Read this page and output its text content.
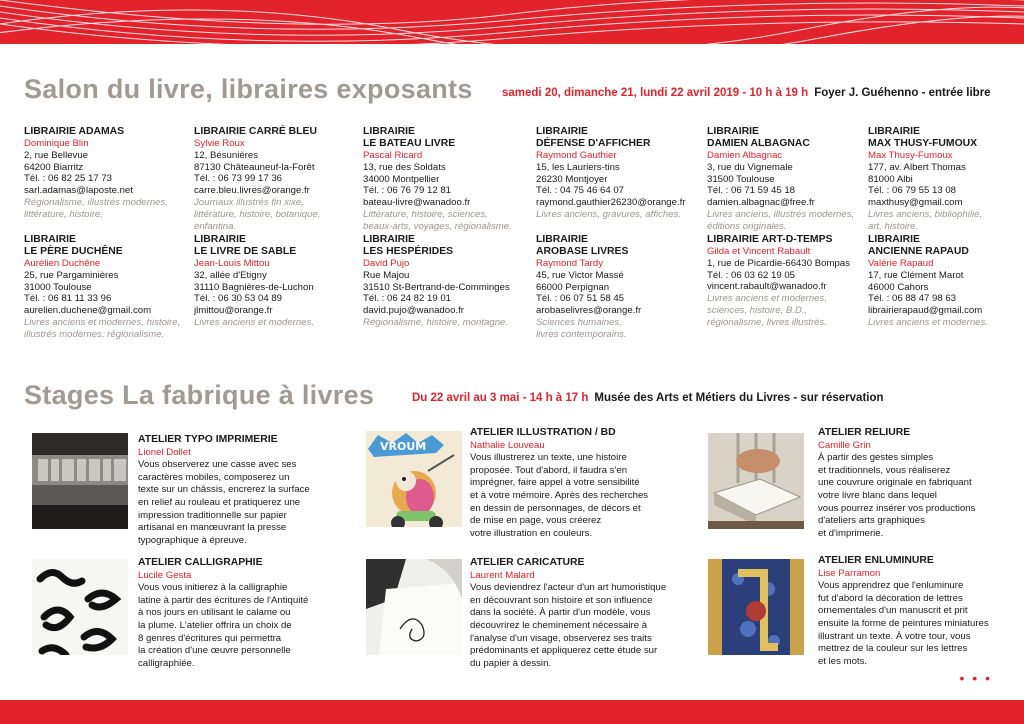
Salon du livre, libraires exposants	samedi 20, dimanche 21, lundi 22 avril 2019 - 10 h à 19 h Foyer J. Guéhenno - entrée libre
LIBRAIRIE ADAMAS
Dominique Blin
2, rue Bellevue
64200 Biarritz
Tél. : 06 82 25 17 73
sarl.adamas@laposte.net
Régionalisme, illustrés modernes,
littérature, histoire.
LIBRAIRIE CARRÉ BLEU
Sylvie Roux
12, Bésunières
87130 Châteauneuf-la-Forêt
Tél. : 06 73 99 17 36
carre.bleu.livres@orange.fr
Journaux illustrés fin xixe,
littérature, histoire, botanique,
enfantina.
LIBRAIRIE
LE BATEAU LIVRE
Pascal Ricard
13, rue des Soldats
34000 Montpellier
Tél. : 06 76 79 12 81
bateau-livre@wanadoo.fr
Littérature, histoire, sciences,
beaux-arts, voyages, régionalisme.
LIBRAIRIE
DÉFENSE D'AFFICHER
Raymond Gauthier
15, les Lauriers-tins
26230 Montjoyer
Tél. : 04 75 46 64 07
raymond.gauthier26230@orange.fr
Livres anciens, gravures, affiches.
LIBRAIRIE
DAMIEN ALBAGNAC
Damien Albagnac
3, rue du Vignemale
31500 Toulouse
Tél. : 06 71 59 45 18
damien.albagnac@free.fr
Livres anciens, illustrés modernes,
éditions originales.
LIBRAIRIE
MAX THUSY-FUMOUX
Max Thusy-Fumoux
177, av. Albert Thomas
81000 Albi
Tél. : 06 79 55 13 08
maxthusy@gmail.com
Livres anciens, bibliophilie,
art, histoire.
LIBRAIRIE
LE PÈRE DUCHÊNE
Aurélien Duchêne
25, rue Pargaminières
31000 Toulouse
Tél. : 06 81 11 33 96
aurelien.duchene@gmail.com
Livres anciens et modernes, histoire,
illustrés modernes, régionalisme.
LIBRAIRIE
LE LIVRE DE SABLE
Jean-Louis Mittou
32, allée d'Etigny
31110 Bagnières-de-Luchon
Tél. : 06 30 53 04 89
jlmittou@orange.fr
Livres anciens et modernes.
LIBRAIRIE
LES HESPÉRIDES
David Pujo
Rue Majou
31510 St-Bertrand-de-Comminges
Tél. : 06 24 82 19 01
david.pujo@wanadoo.fr
Régionalisme, histoire, montagne.
LIBRAIRIE
AROBASE LIVRES
Raymond Tardy
45, rue Victor Massé
66000 Perpignan
Tél. : 06 07 51 58 45
arobaselivres@orange.fr
Sciences humaines,
livres contemporains.
LIBRAIRIE ART-D-TEMPS
Gilda et Vincent Rabault
1, rue de Picardie-66430 Bompas
Tél. : 06 03 62 19 05
vincent.rabault@wanadoo.fr
Livres anciens et modernes,
sciences, histoire, B.D.,
régionalisme, livres illustrés.
LIBRAIRIE
ANCIENNE RAPAUD
Valérie Rapaud
17, rue Clément Marot
46000 Cahors
Tél. : 06 88 47 98 63
librairierapaud@gmail.com
Livres anciens et modernes.
Stages La fabrique à livres	Du 22 avril au 3 mai - 14 h à 17 h Musée des Arts et Métiers du Livres - sur réservation
VROUM
ATELIER TYPO IMPRIMERIE
Lionel Dollet
Vous observerez une casse avec ses
caractères mobiles, composerez un
texte sur un châssis, encrerez la surface
en relief au rouleau et pratiquerez une
impression traditionnelle sur papier
artisanal en manœuvrant la presse
typographique à épreuve.
ATELIER ILLUSTRATION / BD
Nathalie Louveau
Vous illustrerez un texte, une histoire
proposée. Tout d'abord, il faudra s'en
imprégner, faire appel à votre sensibilité
et à votre mémoire. Après des recherches
en dessin de personnages, de décors et
de mise en page, vous créerez
votre illustration en couleurs.
ATELIER RELIURE
Camille Grin
À partir des gestes simples
et traditionnels, vous réaliserez
une couvrure originale en fabriquant
votre livre blanc dans lequel
vous pourrez insérer vos productions
d'ateliers arts graphiques
et d'imprimerie.
ATELIER CALLIGRAPHIE
Lucile Gesta
Vous vous initierez à la calligraphie
latine à partir des écritures de l'Antiquité
à nos jours en utilisant le calame ou
la plume. L'atelier offrira un choix de
8 genres d'écritures qui permettra
la création d'une œuvre personnelle
calligraphiée.
ATELIER CARICATURE
Laurent Malard
Vous deviendrez l'acteur d'un art humoristique
en découvrant son histoire et son influence
dans la société. À partir d'un modèle, vous
découvrirez le cheminement nécessaire à
l'analyse d'un visage, observerez ses traits
prédominants et appliquerez cette étude sur
du papier à dessin.
ATELIER ENLUMINURE
Lise Parramon
Vous apprendrez que l'enluminure
fut d'abord la décoration de lettres
ornementales d'un manuscrit et prit
ensuite la forme de peintures miniatures
illustrant un texte. À votre tour, vous
mettrez de la couleur sur les lettres
et les mots.
• • •
